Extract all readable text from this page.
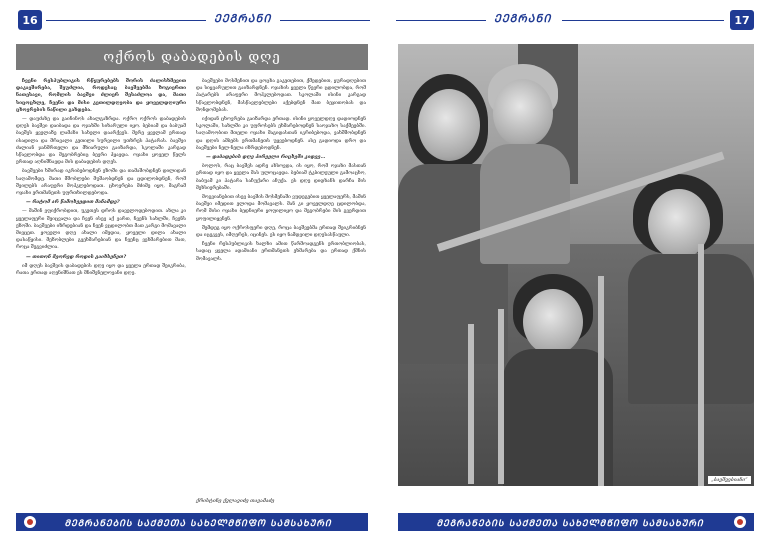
16	ᲔᲔᲒᲠᲐᲜᲘ
ოქროს დაბადების დღე

ჩვენი რესპუბლიკის რწყურებებს შორის ძალისხმევით დაკავშირება, შეუძლია, როდესაც ბავშვებმა ზოგიერთი ნათესავი, რომლის ბავშვი ძლიერ შესაძლოა და, მათი სიცოცხლე, ჩვენი და მისი კეთილდღეობა და ყოველდღიური ცხოვრების ნაწილი გახდება.

— დაუძახე და გაიჩინოს ახალგაზრდა. ოქრო ოქროს დაბადების დღეს ბავშვი დაიბადა და ოჯახში სიხარული იყო. ბებიამ და ბაბუამ ბავშვს ყველაზე ლამაზი სახელი დაარქვეს. მერე ყველამ ერთად ისადილა და მრავალი კეთილი სურვილი უთხრეს პატარას. ბავშვი ძალიან ჯანმრთელი და მხიარული გაიზარდა, სკოლაში კარგად სწავლობდა და მეგობრებიც ბევრი ჰყავდა. ოჯახი ყოველ წელს ერთად აღნიშნავდა მის დაბადების დღეს.

ბავშვები ხშირად იკრიბებოდნენ ეზოში და თამაშობდნენ დილიდან საღამომდე. მათი მშობლები მუშაობდნენ და ცდილობდნენ, რომ შვილებს არაფერი მოჰკლებოდათ. ცხოვრება მძიმე იყო, მაგრამ ოჯახი ერთმანეთს უფრთხილდებოდა.

— რატომ არ წამოხვედით მანამდე?

— მაშინ ვფიქრობდით, უკეთეს დროს დაველოდებოდით. ახლა კი ყველაფერი შეიცვალა და ჩვენ ისევ აქ ვართ, ჩვენს სახლში, ჩვენს ეზოში. ბავშვები იზრდებიან და ჩვენ ვცდილობთ მათ კარგი მომავალი მივცეთ. ყოველი დღე ახალი იმედია, ყოველი დილა ახალი დასაწყისი. მეზობლები გვეხმარებიან და ჩვენც ვეხმარებით მათ, როცა შეგვიძლია.

— თითონ მეორედ როდის გაიხსენეთ?

იმ დღეს ბავშვის დაბადების დღე იყო და ყველა ერთად შეიკრიბა, რათა ერთად აღენიშნათ ეს მნიშვნელოვანი დღე.

ბავშვები მოსმენით და ცოცხა გაკეთებით, ქმედებით, ყურადღებით და სიყვარულით გაიზარდნენ. ოჯახის ყველა წევრი ცდილობდა, რომ პატარებს არაფერი მოჰკლებოდათ. სკოლაში ისინი კარგად სწავლობდნენ, მასწავლებლები აქებდნენ მათ ბეჯითობას და მონდომებას.

იქიდან ცხოვრება გაიზარდა ერთად. ისინი ყოველდღე დადიოდნენ სკოლაში, სახლში კი უფროსებს ეხმარებოდნენ საოჯახო საქმეებში. საღამოობით მთელი ოჯახი მაგიდასთან იკრიბებოდა, ვახშმობდნენ და დღის ამბებს ერთმანეთს უყვებოდნენ. ასე გადიოდა დრო და ბავშვები ნელ-ნელა იზრდებოდნენ.

— დაბადების დღე პირველი რიცხვში კიდევ...

ბოლოს, რაც ბავშვს ადრე ახსოვდა, ის იყო, რომ ოჯახი მასთან ერთად იყო და ყველა მას ულოცავდა. ბებიამ ტკბილეული გამოაცხო, ბაბუამ კი პატარა საჩუქარი აჩუქა. ეს დღე დიდხანს დარჩა მის მეხსიერებაში.

მოგვიანებით ისევ ბავშის მოსმენაში ვუდეგებით ყველაფერს, მაშინ ბავშვი იმედით ელოდა მომავალს. მან კი ყოველდღე ცდილობდა, რომ მისი ოჯახი ბედნიერი ყოფილიყო და მეგობრები მის გვერდით ყოფილიყვნენ.

შემდეგ იყო ოქროსფერი დღე, როცა ბავშვებმა ერთად შეიკრიბნენ და იცეკვეს, იმღერეს, იცინეს. ეს იყო ნამდვილი დღესასწაული.

ჩვენი რესპუბლიკის ხალხი ამით წარმოადგენს ერთობლიობას, სადაც ყველა ადამიანი ერთმანეთს ეხმარება და ერთად ქმნის მომავალს.

ქრისტინე ქვლავიძე თავამაძე
ᲛᲔᲒᲠᲐᲜᲔᲑᲘᲡ ᲡᲐᲥᲛᲔᲗᲐ ᲡᲐᲮᲔᲚᲛᲬᲘᲤᲝ ᲡᲐᲛᲡᲐᲮᲣᲠᲘ
ᲔᲔᲒᲠᲐᲜᲘ	17
ᲛᲔᲒᲠᲐᲜᲔᲑᲘᲡ ᲡᲐᲥᲛᲔᲗᲐ ᲡᲐᲮᲔᲚᲛᲬᲘᲤᲝ ᲡᲐᲛᲡᲐᲮᲣᲠᲘ
„ბავშვებიანი“
